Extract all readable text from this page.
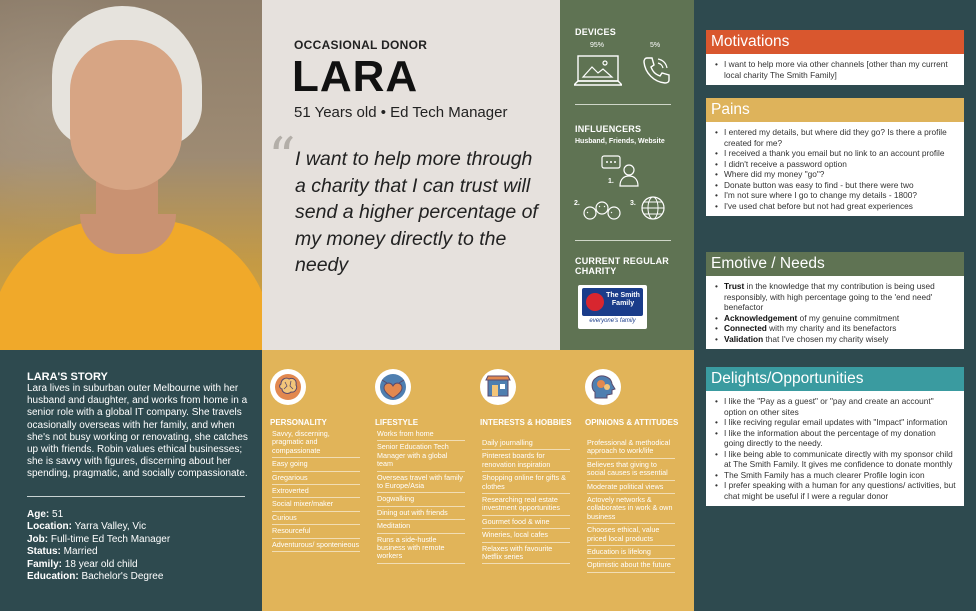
OCCASIONAL DONOR
LARA
51 Years old • Ed Tech Manager
“ I want to help more through a charity that I can trust will send a higher percentage of my money directly to the needy
DEVICES
95%	5%
INFLUENCERS
Husband, Friends, Website
1.
2.	3.
CURRENT REGULAR CHARITY
The Smith Family
everyone's family
LARA'S STORY
Lara lives in suburban outer Melbourne with her husband and daughter, and works from home in a senior role with a global IT company. She travels ocasionally overseas with her family, and when she's not busy working or renovating, she catches up with friends. Robin values ethical businesses; she is savvy with figures, discerning about her spending, pragmatic, and socially compassionate.
Age: 51
Location: Yarra Valley, Vic
Job: Full-time Ed Tech Manager
Status: Married
Family: 18 year old child
Education: Bachelor's Degree
PERSONALITY
Savvy, discerning, pragmatic and compassionate
Easy going
Gregarious
Extroverted
Social mixer/maker
Curious
Resourceful
Adventurous/ spontenieous
LIFESTYLE
Works from home
Senior Education Tech Manager with a global team
Overseas travel with family to Europe/Asia
Dogwalking
Dining out with friends
Meditation
Runs a side-hustle business with remote workers
INTERESTS & HOBBIES
Daily journalling
Pinterest boards for renovation inspiration
Shopping online for gifts & clothes
Researching real estate investment opportunities
Gourmet food & wine
Wineries, local cafes
Relaxes with favourite Netflix series
OPINIONS & ATTITUDES
Professional & methodical approach to work/life
Believes that giving to social causes is essential
Moderate political views
Actovely networks & collaborates in work & own business
Chooses ethical, value priced local products
Education is lifelong
Optimistic about the future
Motivations
• I want to help more via other channels [other than my current local charity The Smith Family]
Pains
• I entered my details, but where did they go? Is there a profile created for me?
• I received a thank you email but no link to an account profile
• I didn't receive a password option
• Where did my money "go"?
• Donate button was easy to find - but there were two
• I'm not sure where I go to change my details - 1800?
• I've used chat before but not had great experiences
Emotive / Needs
• Trust in the knowledge that my contribution is being used responsibly, with high percentage going to the 'end need' benefactor
• Acknowledgement of my genuine commitment
• Connected with my charity and its benefactors
• Validation that I've chosen my charity wisely
Delights/Opportunities
• I like the "Pay as a guest" or "pay and create an account" option on other sites
• I like reciving regular email updates with "Impact" information
• I like the information about the percentage of my donation going directly to the needy.
• I like being able to communicate directly with my sponsor child at The Smith Family. It gives me confidence to donate monthly
• The Smith Family has a much clearer Profile login icon
• I prefer speaking with a human for any questions/ activities, but chat might be useful if I were a regular donor
